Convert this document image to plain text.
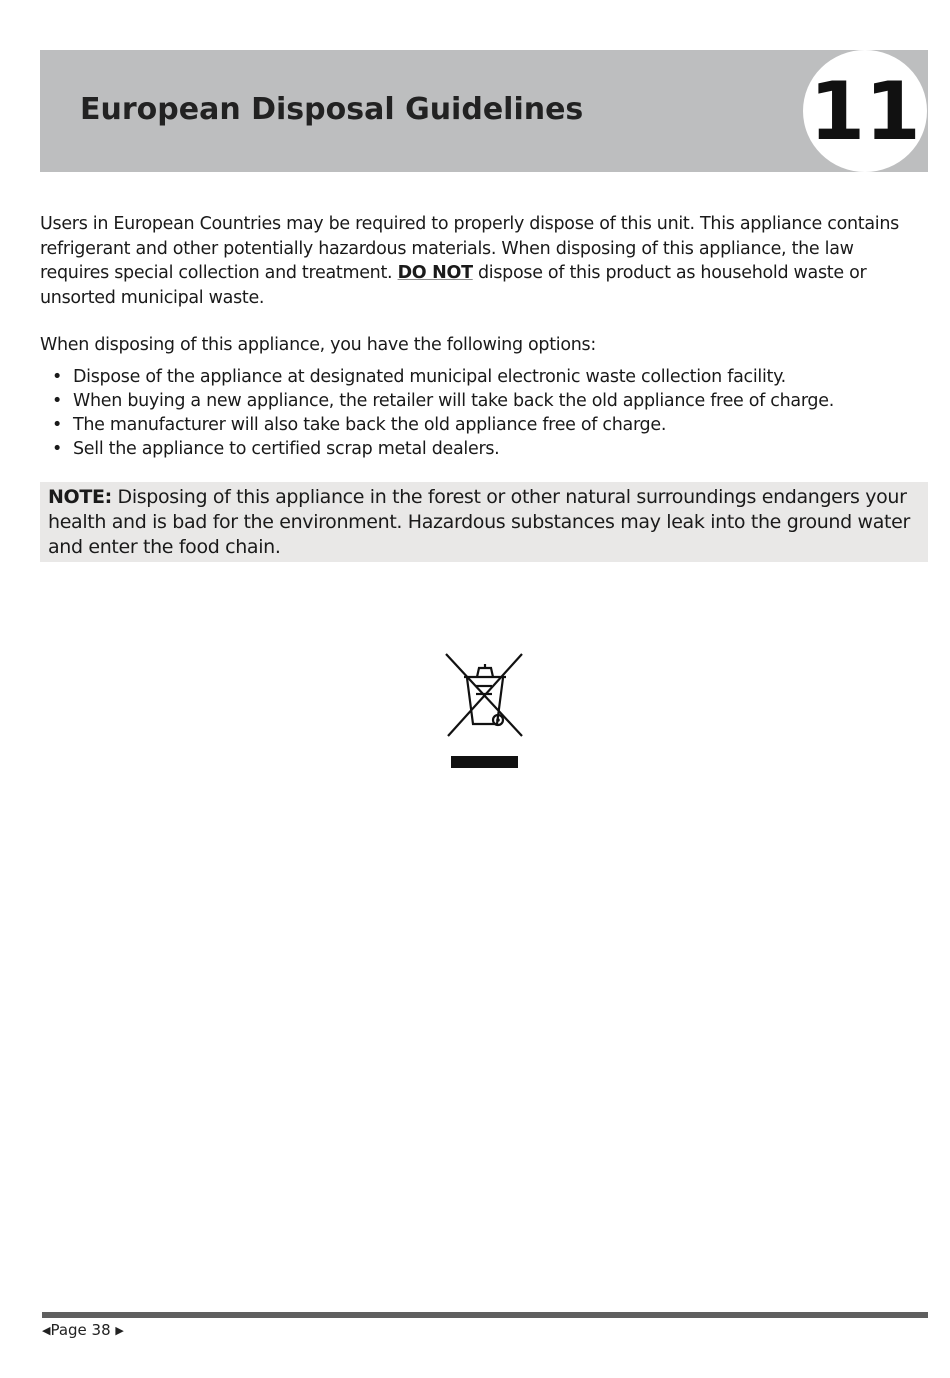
European Disposal Guidelines	11
Users in European Countries may be required to properly dispose of this unit. This appliance contains
refrigerant and other potentially hazardous materials. When disposing of this appliance, the law
requires special collection and treatment. DO NOT dispose of this product as household waste or
unsorted municipal waste.

When disposing of this appliance, you have the following options:

• Dispose of the appliance at designated municipal electronic waste collection facility.
• When buying a new appliance, the retailer will take back the old appliance free of charge.
• The manufacturer will also take back the old appliance free of charge.
• Sell the appliance to certified scrap metal dealers.
NOTE: Disposing of this appliance in the forest or other natural surroundings endangers your
health and is bad for the environment. Hazardous substances may leak into the ground water
and enter the food chain.
◀Page 38 ▶
